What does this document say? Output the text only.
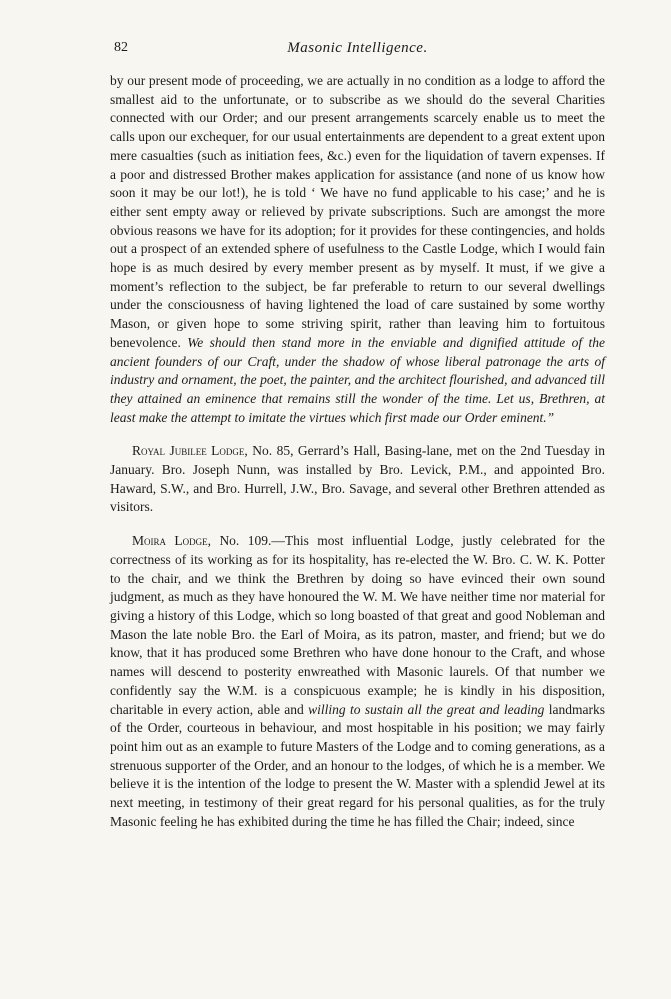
82	Masonic Intelligence.

by our present mode of proceeding, we are actually in no condition as a lodge to afford the smallest aid to the unfortunate, or to subscribe as we should do the several Charities connected with our Order; and our present arrangements scarcely enable us to meet the calls upon our exchequer, for our usual entertainments are dependent to a great extent upon mere casualties (such as initiation fees, &c.) even for the liquidation of tavern expenses. If a poor and distressed Brother makes application for assistance (and none of us know how soon it may be our lot!), he is told ‘ We have no fund applicable to his case;’ and he is either sent empty away or relieved by private subscriptions. Such are amongst the more obvious reasons we have for its adoption; for it provides for these contingencies, and holds out a prospect of an extended sphere of usefulness to the Castle Lodge, which I would fain hope is as much desired by every member present as by myself. It must, if we give a moment’s reflection to the subject, be far preferable to return to our several dwellings under the consciousness of having lightened the load of care sustained by some worthy Mason, or given hope to some striving spirit, rather than leaving him to fortuitous benevolence. We should then stand more in the enviable and dignified attitude of the ancient founders of our Craft, under the shadow of whose liberal patronage the arts of industry and ornament, the poet, the painter, and the architect flourished, and advanced till they attained an eminence that remains still the wonder of the time. Let us, Brethren, at least make the attempt to imitate the virtues which first made our Order eminent.”

Royal Jubilee Lodge, No. 85, Gerrard’s Hall, Basing-lane, met on the 2nd Tuesday in January. Bro. Joseph Nunn, was installed by Bro. Levick, P.M., and appointed Bro. Haward, S.W., and Bro. Hurrell, J.W., Bro. Savage, and several other Brethren attended as visitors.

Moira Lodge, No. 109.—This most influential Lodge, justly celebrated for the correctness of its working as for its hospitality, has re-elected the W. Bro. C. W. K. Potter to the chair, and we think the Brethren by doing so have evinced their own sound judgment, as much as they have honoured the W. M. We have neither time nor material for giving a history of this Lodge, which so long boasted of that great and good Nobleman and Mason the late noble Bro. the Earl of Moira, as its patron, master, and friend; but we do know, that it has produced some Brethren who have done honour to the Craft, and whose names will descend to posterity enwreathed with Masonic laurels. Of that number we confidently say the W.M. is a conspicuous example; he is kindly in his disposition, charitable in every action, able and willing to sustain all the great and leading landmarks of the Order, courteous in behaviour, and most hospitable in his position; we may fairly point him out as an example to future Masters of the Lodge and to coming generations, as a strenuous supporter of the Order, and an honour to the lodges, of which he is a member. We believe it is the intention of the lodge to present the W. Master with a splendid Jewel at its next meeting, in testimony of their great regard for his personal qualities, as for the truly Masonic feeling he has exhibited during the time he has filled the Chair; indeed, since
